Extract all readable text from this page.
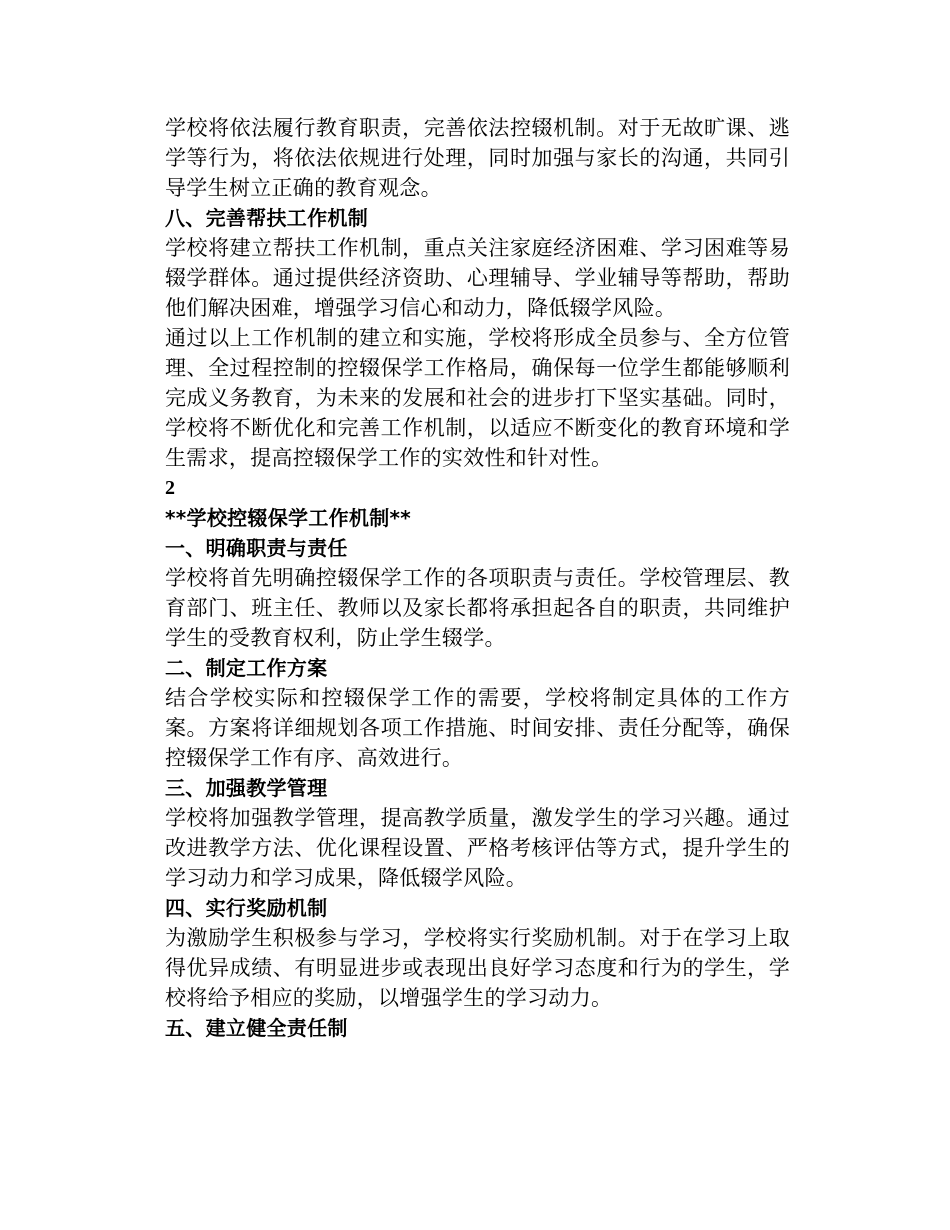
学校将依法履行教育职责，完善依法控辍机制。对于无故旷课、逃学等行为，将依法依规进行处理，同时加强与家长的沟通，共同引导学生树立正确的教育观念。

八、完善帮扶工作机制

学校将建立帮扶工作机制，重点关注家庭经济困难、学习困难等易辍学群体。通过提供经济资助、心理辅导、学业辅导等帮助，帮助他们解决困难，增强学习信心和动力，降低辍学风险。

通过以上工作机制的建立和实施，学校将形成全员参与、全方位管理、全过程控制的控辍保学工作格局，确保每一位学生都能够顺利完成义务教育，为未来的发展和社会的进步打下坚实基础。同时，学校将不断优化和完善工作机制，以适应不断变化的教育环境和学生需求，提高控辍保学工作的实效性和针对性。

2

**学校控辍保学工作机制**

一、明确职责与责任

学校将首先明确控辍保学工作的各项职责与责任。学校管理层、教育部门、班主任、教师以及家长都将承担起各自的职责，共同维护学生的受教育权利，防止学生辍学。

二、制定工作方案

结合学校实际和控辍保学工作的需要，学校将制定具体的工作方案。方案将详细规划各项工作措施、时间安排、责任分配等，确保控辍保学工作有序、高效进行。

三、加强教学管理

学校将加强教学管理，提高教学质量，激发学生的学习兴趣。通过改进教学方法、优化课程设置、严格考核评估等方式，提升学生的学习动力和学习成果，降低辍学风险。

四、实行奖励机制

为激励学生积极参与学习，学校将实行奖励机制。对于在学习上取得优异成绩、有明显进步或表现出良好学习态度和行为的学生，学校将给予相应的奖励，以增强学生的学习动力。

五、建立健全责任制
